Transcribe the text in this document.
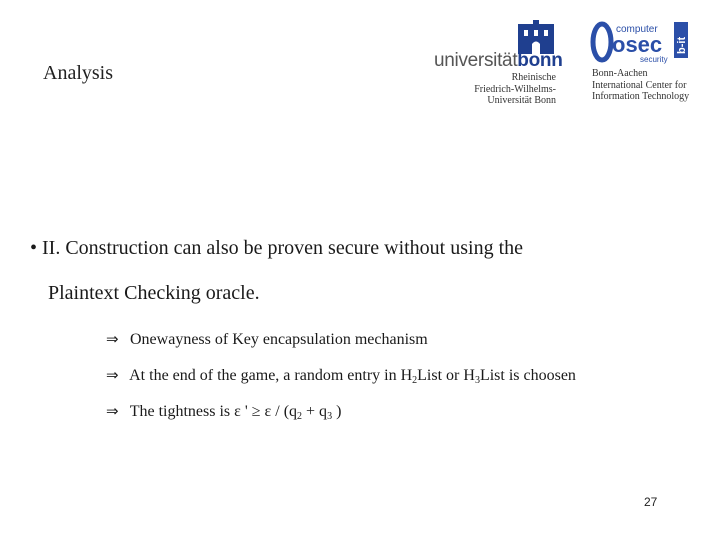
Analysis
universitätbonn
Rheinische
Friedrich-Wilhelms-
Universität Bonn
computer
osec
security
b-it
Bonn-Aachen
International Center for
Information Technology
• II. Construction can also be proven secure without using the
Plaintext Checking oracle.
⇒ Onewayness of Key encapsulation mechanism
⇒ At the end of the game, a random entry in $H_2List$ or $H_3List$ is choosen
⇒ The tightness is ε ' ≥ $\varepsilon / (q_2 + q_3$ )
27
